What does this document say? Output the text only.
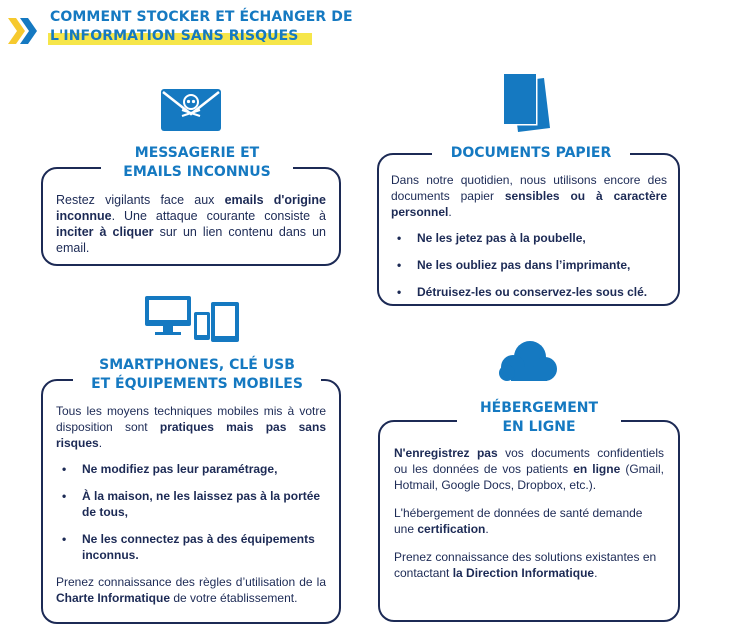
COMMENT STOCKER ET ÉCHANGER DE
L'INFORMATION SANS RISQUES
MESSAGERIE ET
EMAILS INCONNUS
Restez vigilants face aux emails d'origine inconnue. Une attaque courante consiste à inciter à cliquer sur un lien contenu dans un email.
DOCUMENTS PAPIER

Dans notre quotidien, nous utilisons encore des documents papier sensibles ou à caractère personnel.

• Ne les jetez pas à la poubelle,
• Ne les oubliez pas dans l’imprimante,
• Détruisez-les ou conservez-les sous clé.
SMARTPHONES, CLÉ USB
ET ÉQUIPEMENTS MOBILES

Tous les moyens techniques mobiles mis à votre disposition sont pratiques mais pas sans risques.

• Ne modifiez pas leur paramétrage,
• À la maison, ne les laissez pas à la portée de tous,
• Ne les connectez pas à des équipements inconnus.

Prenez connaissance des règles d’utilisation de la Charte Informatique de votre établissement.

HÉBERGEMENT
EN LIGNE

N'enregistrez pas vos documents confidentiels ou les données de vos patients en ligne (Gmail, Hotmail, Google Docs, Dropbox, etc.).

L'hébergement de données de santé demande une certification.

Prenez connaissance des solutions existantes en contactant la Direction Informatique.
